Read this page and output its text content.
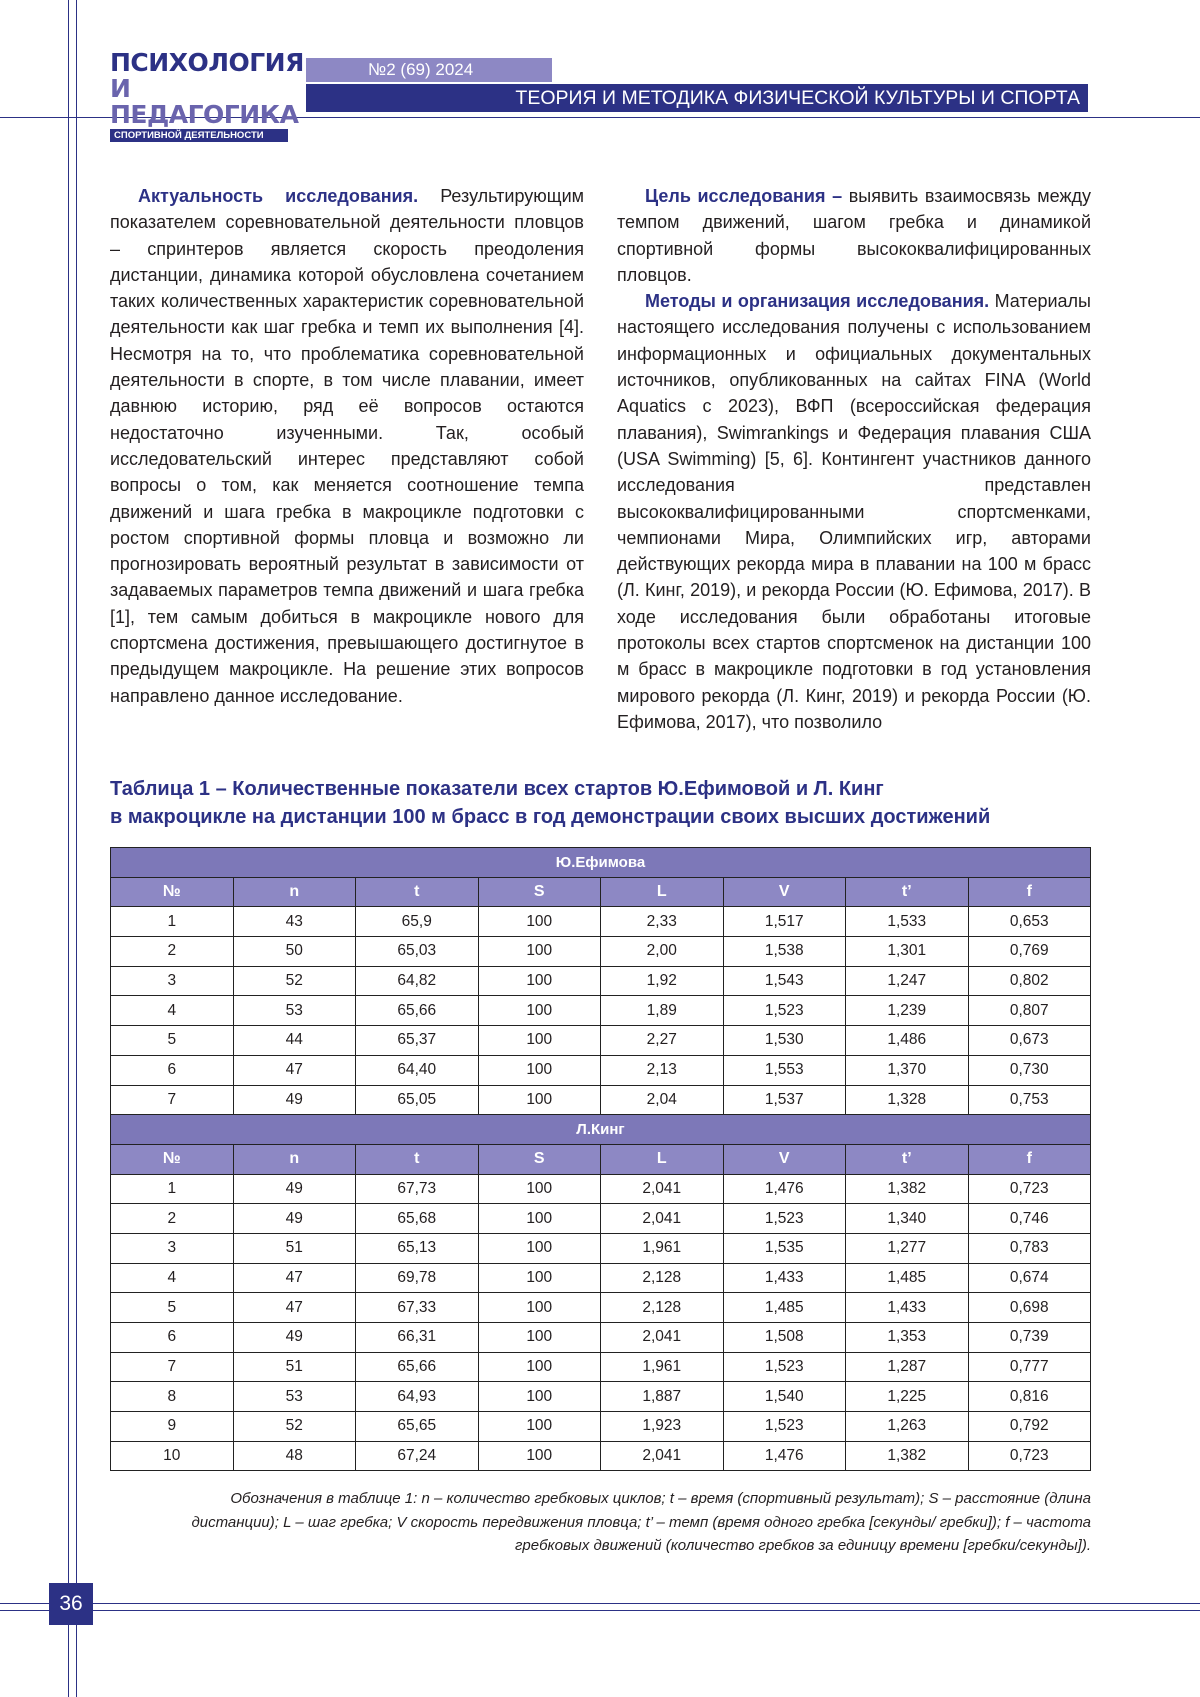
ПСИХОЛОГИЯ
И ПЕДАГОГИКА
СПОРТИВНОЙ ДЕЯТЕЛЬНОСТИ
№2 (69) 2024
ТЕОРИЯ И МЕТОДИКА ФИЗИЧЕСКОЙ КУЛЬТУРЫ И СПОРТА

Актуальность исследования. Результирующим показателем соревновательной деятельности пловцов – спринтеров является скорость преодоления дистанции, динамика которой обусловлена сочетанием таких количественных характеристик соревновательной деятельности как шаг гребка и темп их выполнения [4]. Несмотря на то, что проблематика соревновательной деятельности в спорте, в том числе плавании, имеет давнюю историю, ряд её вопросов остаются недостаточно изученными. Так, особый исследовательский интерес представляют собой вопросы о том, как меняется соотношение темпа движений и шага гребка в макроцикле подготовки с ростом спортивной формы пловца и возможно ли прогнозировать вероятный результат в зависимости от задаваемых параметров темпа движений и шага гребка [1], тем самым добиться в макроцикле нового для спортсмена достижения, превышающего достигнутое в предыдущем макроцикле. На решение этих вопросов направлено данное исследование.

Цель исследования – выявить взаимосвязь между темпом движений, шагом гребка и динамикой спортивной формы высококвалифицированных пловцов.

Методы и организация исследования. Материалы настоящего исследования получены с использованием информационных и официальных документальных источников, опубликованных на сайтах FINA (World Aquatics с 2023), ВФП (всероссийская федерация плавания), Swimrankings и Федерация плавания США (USA Swimming) [5, 6]. Контингент участников данного исследования представлен высококвалифицированными спортсменками, чемпионами Мира, Олимпийских игр, авторами действующих рекорда мира в плавании на 100 м брасс (Л. Кинг, 2019), и рекорда России (Ю. Ефимова, 2017). В ходе исследования были обработаны итоговые протоколы всех стартов спортсменок на дистанции 100 м брасс в макроцикле подготовки в год установления мирового рекорда (Л. Кинг, 2019) и рекорда России (Ю. Ефимова, 2017), что позволило

Таблица 1 – Количественные показатели всех стартов Ю.Ефимовой и Л. Кинг
в макроцикле на дистанции 100 м брасс в год демонстрации своих высших достижений
Ю.Ефимова							
№	n	t	S	L	V	t’	f
1	43	65,9	100	2,33	1,517	1,533	0,653
2	50	65,03	100	2,00	1,538	1,301	0,769
3	52	64,82	100	1,92	1,543	1,247	0,802
4	53	65,66	100	1,89	1,523	1,239	0,807
5	44	65,37	100	2,27	1,530	1,486	0,673
6	47	64,40	100	2,13	1,553	1,370	0,730
7	49	65,05	100	2,04	1,537	1,328	0,753
Л.Кинг							
№	n	t	S	L	V	t’	f
1	49	67,73	100	2,041	1,476	1,382	0,723
2	49	65,68	100	2,041	1,523	1,340	0,746
3	51	65,13	100	1,961	1,535	1,277	0,783
4	47	69,78	100	2,128	1,433	1,485	0,674
5	47	67,33	100	2,128	1,485	1,433	0,698
6	49	66,31	100	2,041	1,508	1,353	0,739
7	51	65,66	100	1,961	1,523	1,287	0,777
8	53	64,93	100	1,887	1,540	1,225	0,816
9	52	65,65	100	1,923	1,523	1,263	0,792
10	48	67,24	100	2,041	1,476	1,382	0,723
Обозначения в таблице 1: n – количество гребковых циклов; t – время (спортивный результат); S – расстояние (длина
дистанции); L – шаг гребка; V скорость передвижения пловца; t’ – темп (время одного гребка [секунды/ гребки]); f – частота
гребковых движений (количество гребков за единицу времени [гребки/секунды]).
36
